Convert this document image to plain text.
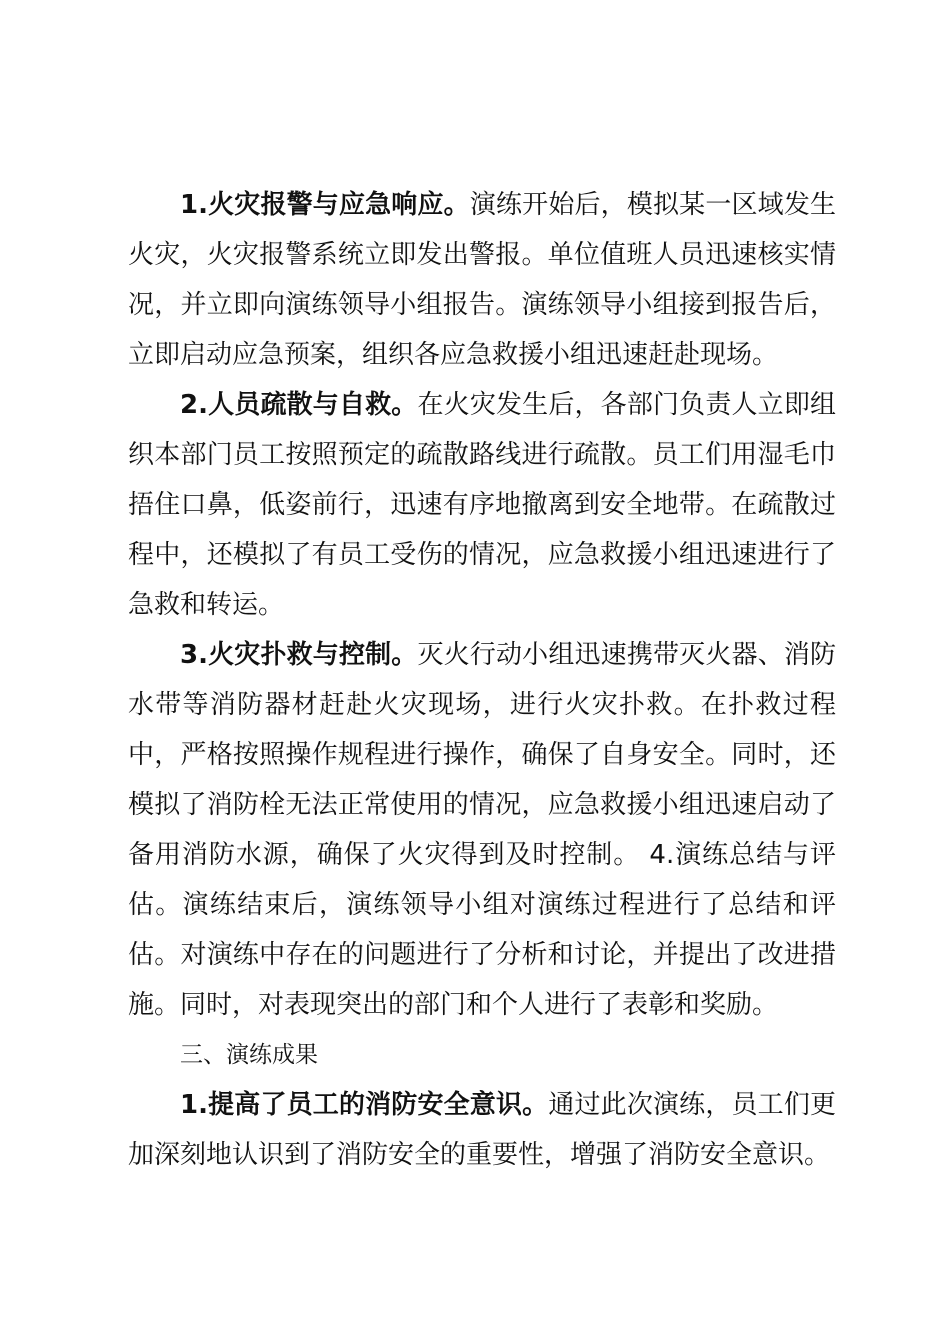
1.火灾报警与应急响应。演练开始后，模拟某一区域发生火灾，火灾报警系统立即发出警报。单位值班人员迅速核实情况，并立即向演练领导小组报告。演练领导小组接到报告后，立即启动应急预案，组织各应急救援小组迅速赶赴现场。

2.人员疏散与自救。在火灾发生后，各部门负责人立即组织本部门员工按照预定的疏散路线进行疏散。员工们用湿毛巾捂住口鼻，低姿前行，迅速有序地撤离到安全地带。在疏散过程中，还模拟了有员工受伤的情况，应急救援小组迅速进行了急救和转运。

3.火灾扑救与控制。灭火行动小组迅速携带灭火器、消防水带等消防器材赶赴火灾现场，进行火灾扑救。在扑救过程中，严格按照操作规程进行操作，确保了自身安全。同时，还模拟了消防栓无法正常使用的情况，应急救援小组迅速启动了备用消防水源，确保了火灾得到及时控制。 4.演练总结与评估。演练结束后，演练领导小组对演练过程进行了总结和评估。对演练中存在的问题进行了分析和讨论，并提出了改进措施。同时，对表现突出的部门和个人进行了表彰和奖励。

三、演练成果

1.提高了员工的消防安全意识。通过此次演练，员工们更加深刻地认识到了消防安全的重要性，增强了消防安全意识。
